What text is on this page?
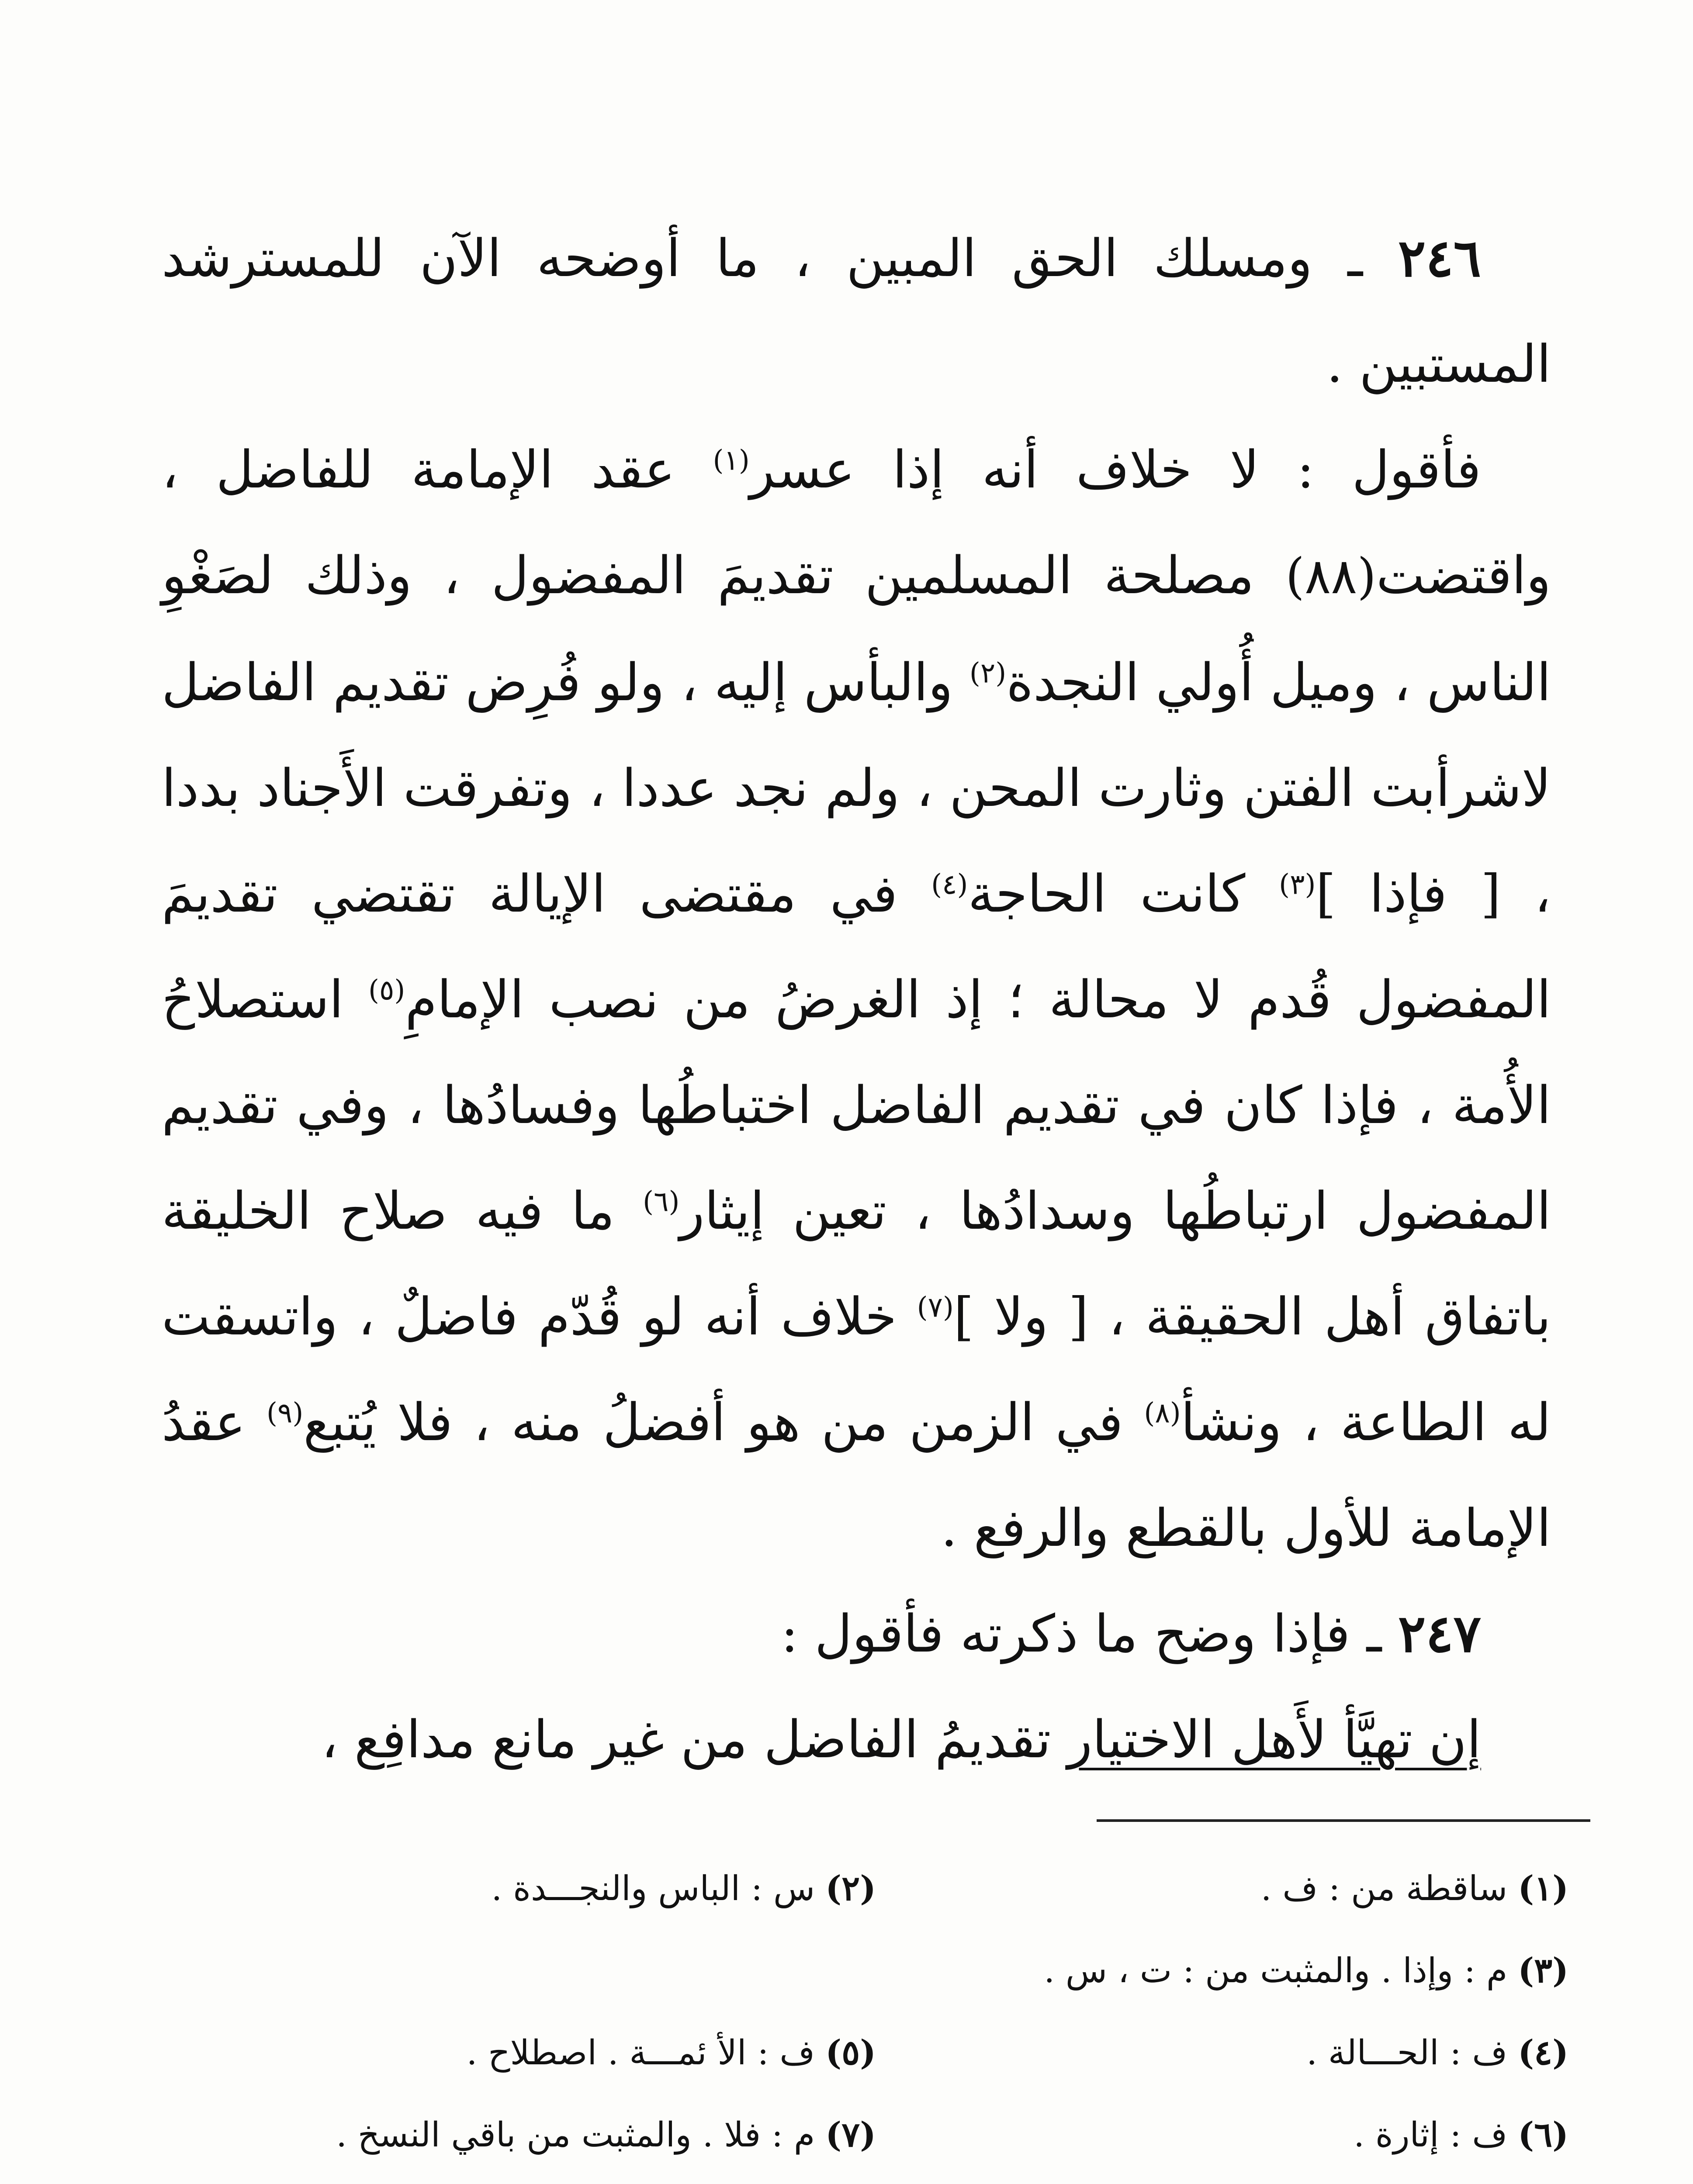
٢٤٦ ـ ومسلك الحق المبين ، ما أوضحه الآن للمسترشد المستبين .

فأقول : لا خلاف أنه إذا عسر$^{(١)}$ عقد الإمامة للفاضل ، واقتضت(٨٨) مصلحة المسلمين تقديمَ المفضول ، وذلك لصَغْوِ الناس ، وميل أُولي النجدة$^{(٢)}$ والبأس إليه ، ولو فُرِض تقديم الفاضل لاشرأبت الفتن وثارت المحن ، ولم نجد عددا ، وتفرقت الأَجناد بددا ، [ فإذا ]$^{(٣)}$ كانت الحاجة$^{(٤)}$ في مقتضى الإيالة تقتضي تقديمَ المفضول قُدم لا محالة ؛ إذ الغرضُ من نصب الإمامِ$^{(٥)}$ استصلاحُ الأُمة ، فإذا كان في تقديم الفاضل اختباطُها وفسادُها ، وفي تقديم المفضول ارتباطُها وسدادُها ، تعين إيثار$^{(٦)}$ ما فيه صلاح الخليقة باتفاق أهل الحقيقة ، [ ولا ]$^{(٧)}$ خلاف أنه لو قُدّم فاضلٌ ، واتسقت له الطاعة ، ونشأ$^{(٨)}$ في الزمن من هو أفضلُ منه ، فلا يُتبع$^{(٩)}$ عقدُ الإمامة للأول بالقطع والرفع .

٢٤٧ ـ فإذا وضح ما ذكرته فأقول :

إن تهيَّأ لأَهل الاختيار تقديمُ الفاضل من غير مانع مدافِع ،

(١)ساقطة من : ف .
(٢)س : الباس والنجـــدة .
(٣)م : وإذا . والمثبت من : ت ، س .
(٤)ف : الحـــالة .
(٥)ف : الأ ئمـــة . اصطلاح .
(٦)ف : إثارة .
(٧)م : فلا . والمثبت من باقي النسخ .
